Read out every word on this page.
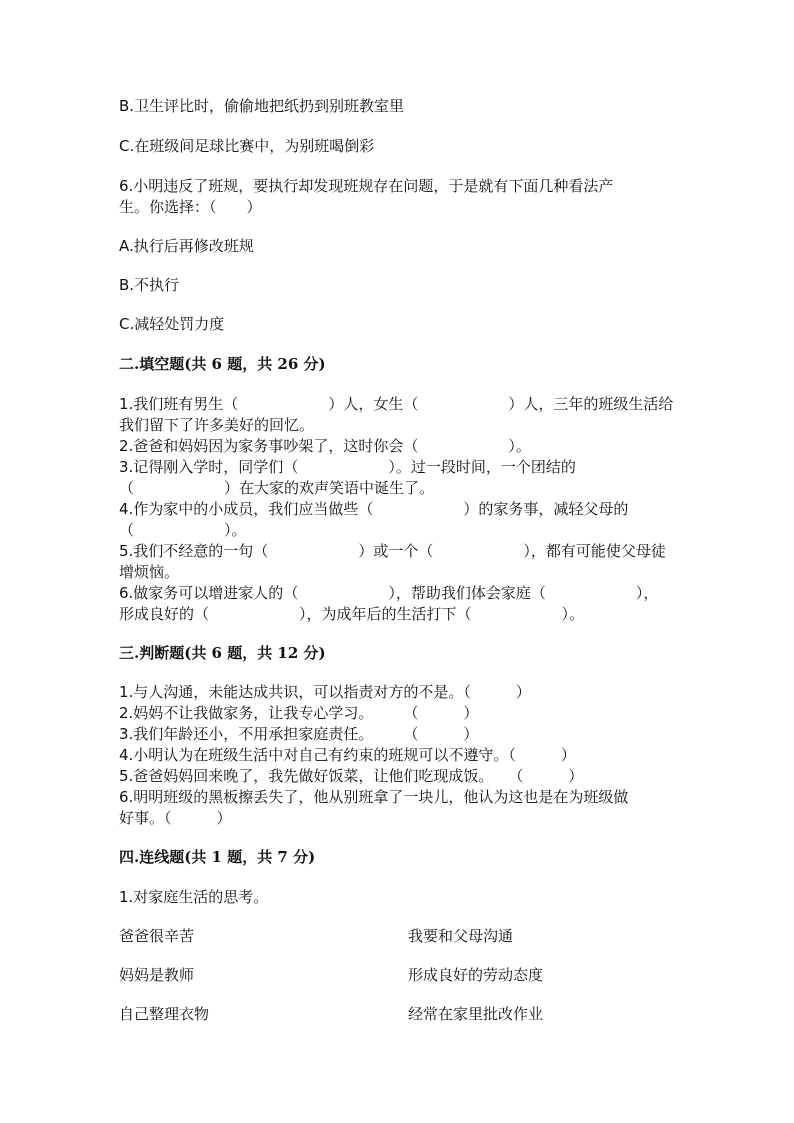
B.卫生评比时，偷偷地把纸扔到别班教室里
C.在班级间足球比赛中，为别班喝倒彩
6.小明违反了班规，要执行却发现班规存在问题，于是就有下面几种看法产
生。你选择：（　　）
A.执行后再修改班规
B.不执行
C.减轻处罚力度
二.填空题(共 6 题，共 26 分)
1.我们班有男生（　　　　　　）人，女生（　　　　　　）人，三年的班级生活给
我们留下了许多美好的回忆。
2.爸爸和妈妈因为家务事吵架了，这时你会（　　　　　　）。
3.记得刚入学时，同学们（　　　　　　）。过一段时间，一个团结的
（　　　　　　）在大家的欢声笑语中诞生了。
4.作为家中的小成员，我们应当做些（　　　　　　）的家务事，减轻父母的
（　　　　　　）。
5.我们不经意的一句（　　　　　　）或一个（　　　　　　），都有可能使父母徒
增烦恼。
6.做家务可以增进家人的（　　　　　　），帮助我们体会家庭（　　　　　　），
形成良好的（　　　　　　），为成年后的生活打下（　　　　　　）。
三.判断题(共 6 题，共 12 分)
1.与人沟通，未能达成共识，可以指责对方的不是。（　　　）
2.妈妈不让我做家务，让我专心学习。　　　（　　　）
3.我们年龄还小，不用承担家庭责任。　　　（　　　）
4.小明认为在班级生活中对自己有约束的班规可以不遵守。（　　　）
5.爸爸妈妈回来晚了，我先做好饭菜，让他们吃现成饭。　　（　　　）
6.明明班级的黑板擦丢失了，他从别班拿了一块儿，他认为这也是在为班级做
好事。（　　　）
四.连线题(共 1 题，共 7 分)
1.对家庭生活的思考。
爸爸很辛苦	我要和父母沟通
妈妈是教师	形成良好的劳动态度
自己整理衣物	经常在家里批改作业
